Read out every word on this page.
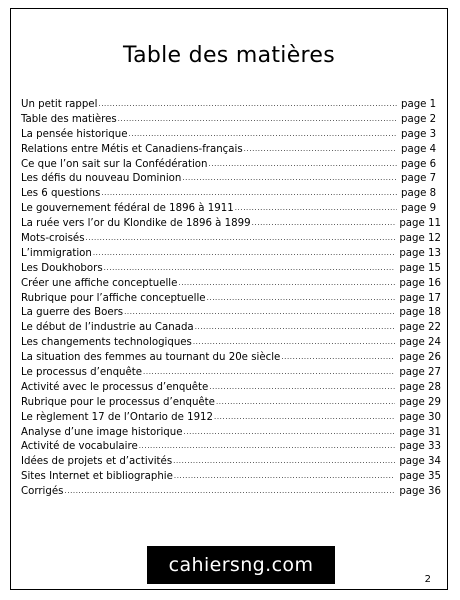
Table des matières
Un petit rappel .....	page 1
Table des matières .....	page 2
La pensée historique .....	page 3
Relations entre Métis et Canadiens-français .....	page 4
Ce que l’on sait sur la Confédération .....	page 6
Les défis du nouveau Dominion .....	page 7
Les 6 questions .....	page 8
Le gouvernement fédéral de 1896 à 1911 .....	page 9
La ruée vers l’or du Klondike de 1896 à 1899 .....	page 11
Mots-croisés .....	page 12
L’immigration .....	page 13
Les Doukhobors .....	page 15
Créer une affiche conceptuelle .....	page 16
Rubrique pour l’affiche conceptuelle .....	page 17
La guerre des Boers .....	page 18
Le début de l’industrie au Canada .....	page 22
Les changements technologiques .....	page 24
La situation des femmes au tournant du 20e siècle .....	page 26
Le processus d’enquête .....	page 27
Activité avec le processus d’enquête .....	page 28
Rubrique pour le processus d’enquête .....	page 29
Le règlement 17 de l’Ontario de 1912 .....	page 30
Analyse d’une image historique .....	page 31
Activité de vocabulaire .....	page 33
Idées de projets et d’activités .....	page 34
Sites Internet et bibliographie .....	page 35
Corrigés .....	page 36
cahiersng.com
2
